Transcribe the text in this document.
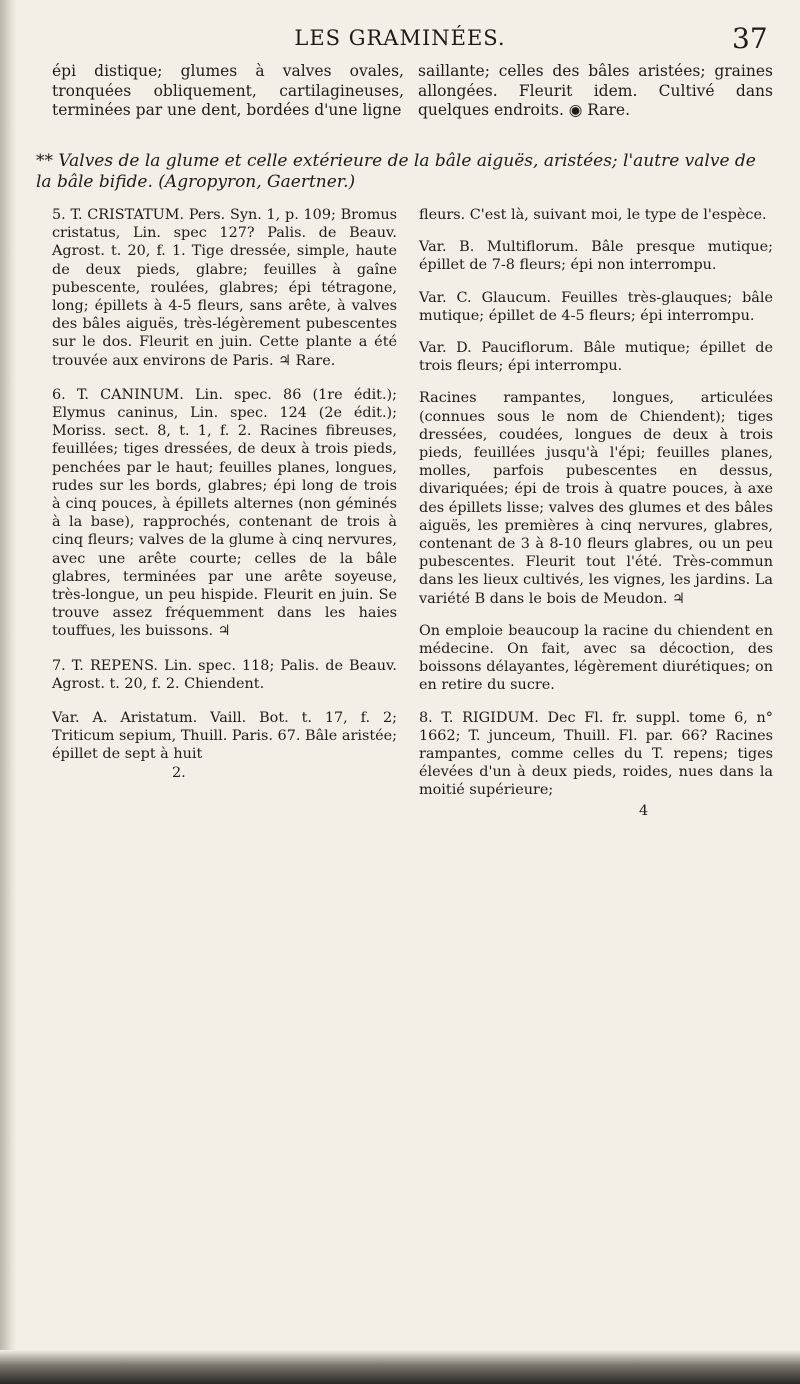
LES GRAMINÉES.	37

épi distique; glumes à valves ovales, tronquées obliquement, cartilagineuses, terminées par une dent, bordées d'une ligne

saillante; celles des bâles aristées; graines allongées. Fleurit idem. Cultivé dans quelques endroits. ◉ Rare.

** Valves de la glume et celle extérieure de la bâle aiguës, aristées; l'autre valve de la bâle bifide. (Agropyron, Gaertner.)

5. T. CRISTATUM. Pers. Syn. 1, p. 109; Bromus cristatus, Lin. spec 127? Palis. de Beauv. Agrost. t. 20, f. 1. Tige dressée, simple, haute de deux pieds, glabre; feuilles à gaîne pubescente, roulées, glabres; épi tétragone, long; épillets à 4-5 fleurs, sans arête, à valves des bâles aiguës, très-légèrement pubescentes sur le dos. Fleurit en juin. Cette plante a été trouvée aux environs de Paris. ♃ Rare.

6. T. CANINUM. Lin. spec. 86 (1re édit.); Elymus caninus, Lin. spec. 124 (2e édit.); Moriss. sect. 8, t. 1, f. 2. Racines fibreuses, feuillées; tiges dressées, de deux à trois pieds, penchées par le haut; feuilles planes, longues, rudes sur les bords, glabres; épi long de trois à cinq pouces, à épillets alternes (non géminés à la base), rapprochés, contenant de trois à cinq fleurs; valves de la glume à cinq nervures, avec une arête courte; celles de la bâle glabres, terminées par une arête soyeuse, très-longue, un peu hispide. Fleurit en juin. Se trouve assez fréquemment dans les haies touffues, les buissons. ♃

7. T. REPENS. Lin. spec. 118; Palis. de Beauv. Agrost. t. 20, f. 2. Chiendent.

Var. A. Aristatum. Vaill. Bot. t. 17, f. 2; Triticum sepium, Thuill. Paris. 67. Bâle aristée; épillet de sept à huit

2.

fleurs. C'est là, suivant moi, le type de l'espèce.

Var. B. Multiflorum. Bâle presque mutique; épillet de 7-8 fleurs; épi non interrompu.

Var. C. Glaucum. Feuilles très-glauques; bâle mutique; épillet de 4-5 fleurs; épi interrompu.

Var. D. Pauciflorum. Bâle mutique; épillet de trois fleurs; épi interrompu.

Racines rampantes, longues, articulées (connues sous le nom de Chiendent); tiges dressées, coudées, longues de deux à trois pieds, feuillées jusqu'à l'épi; feuilles planes, molles, parfois pubescentes en dessus, divariquées; épi de trois à quatre pouces, à axe des épillets lisse; valves des glumes et des bâles aiguës, les premières à cinq nervures, glabres, contenant de 3 à 8-10 fleurs glabres, ou un peu pubescentes. Fleurit tout l'été. Très-commun dans les lieux cultivés, les vignes, les jardins. La variété B dans le bois de Meudon. ♃

On emploie beaucoup la racine du chiendent en médecine. On fait, avec sa décoction, des boissons délayantes, légèrement diurétiques; on en retire du sucre.

8. T. RIGIDUM. Dec Fl. fr. suppl. tome 6, n° 1662; T. junceum, Thuill. Fl. par. 66? Racines rampantes, comme celles du T. repens; tiges élevées d'un à deux pieds, roides, nues dans la moitié supérieure;

4
